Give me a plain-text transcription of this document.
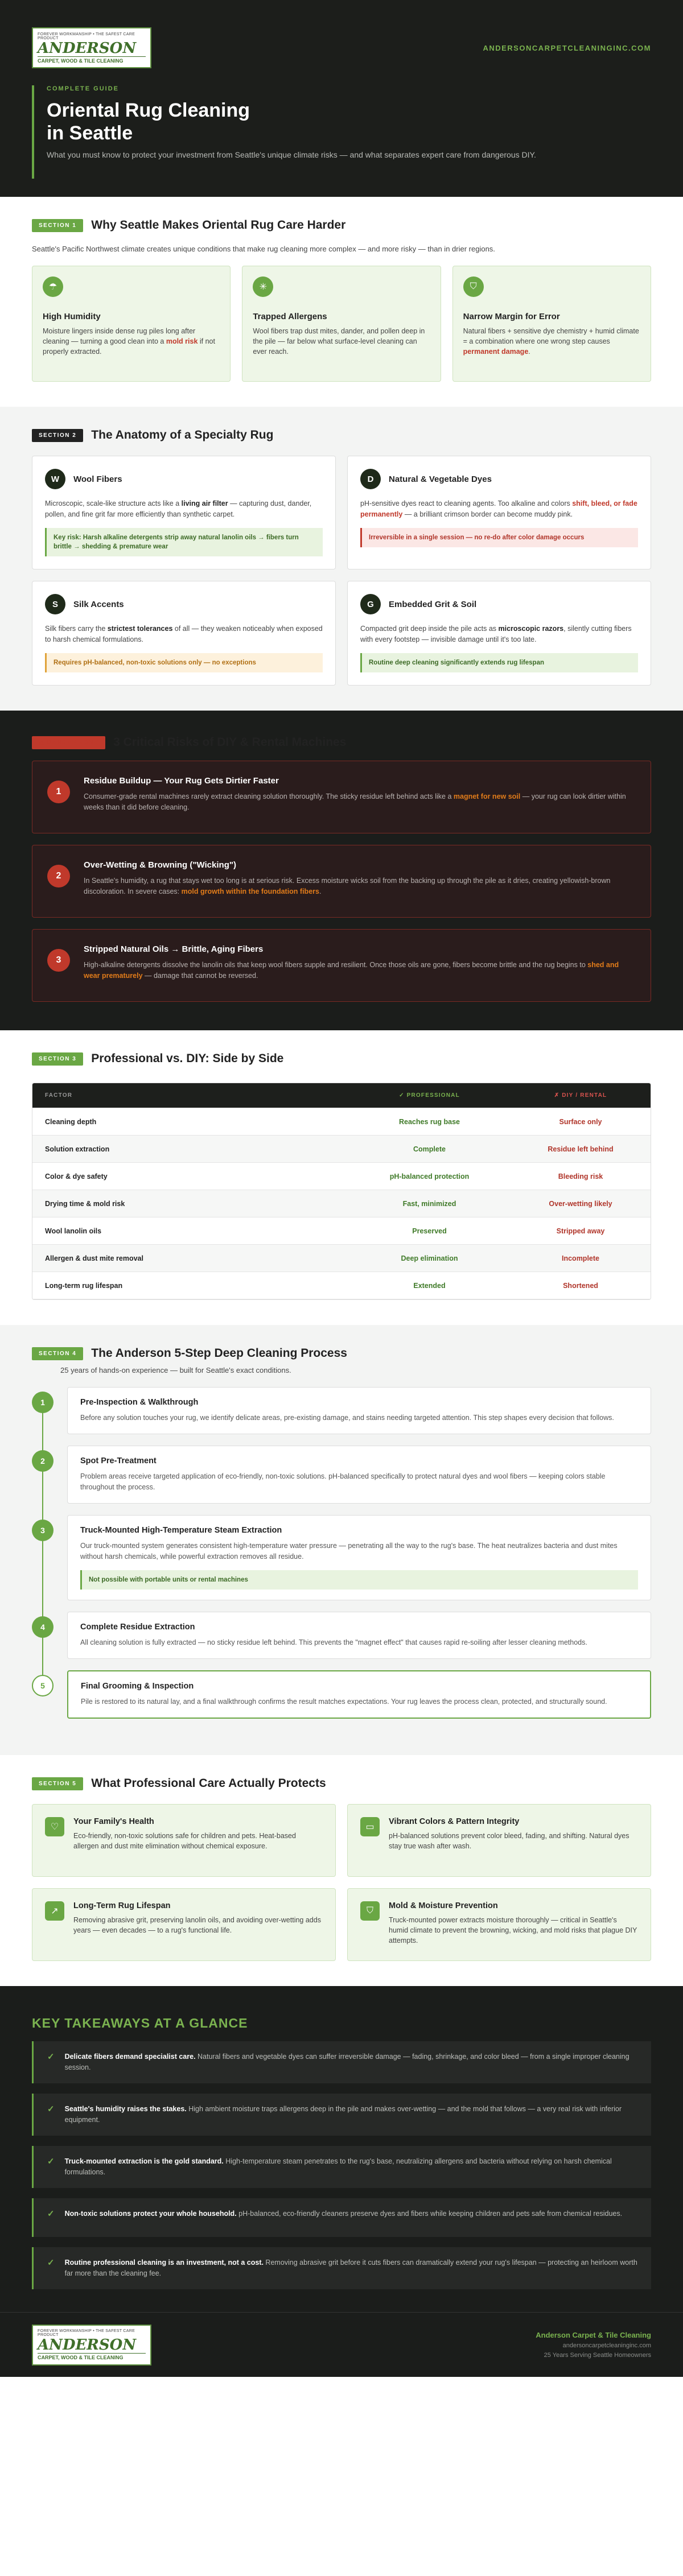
FOREVER WORKMANSHIP • THE SAFEST CARE PRODUCT
ANDERSON
CARPET, WOOD & TILE CLEANING
ANDERSONCARPETCLEANINGINC.COM
COMPLETE GUIDE
Oriental Rug Cleaning
in Seattle

What you must know to protect your investment from Seattle's unique climate risks — and what separates expert care from dangerous DIY.

SECTION 1	Why Seattle Makes Oriental Rug Care Harder

Seattle's Pacific Northwest climate creates unique conditions that make rug cleaning more complex — and more risky — than in drier regions.

☂
High Humidity

Moisture lingers inside dense rug piles long after cleaning — turning a good clean into a mold risk if not properly extracted.

✳
Trapped Allergens

Wool fibers trap dust mites, dander, and pollen deep in the pile — far below what surface-level cleaning can ever reach.

⛉
Narrow Margin for Error

Natural fibers + sensitive dye chemistry + humid climate = a combination where one wrong step causes permanent damage.

SECTION 2	The Anatomy of a Specialty Rug
W	Wool Fibers

Microscopic, scale-like structure acts like a living air filter — capturing dust, dander, pollen, and fine grit far more efficiently than synthetic carpet.

Key risk: Harsh alkaline detergents strip away natural lanolin oils → fibers turn brittle → shedding & premature wear
D	Natural & Vegetable Dyes

pH-sensitive dyes react to cleaning agents. Too alkaline and colors shift, bleed, or fade permanently — a brilliant crimson border can become muddy pink.

Irreversible in a single session — no re-do after color damage occurs
S	Silk Accents

Silk fibers carry the strictest tolerances of all — they weaken noticeably when exposed to harsh chemical formulations.

Requires pH-balanced, non-toxic solutions only — no exceptions
G	Embedded Grit & Soil

Compacted grit deep inside the pile acts as microscopic razors, silently cutting fibers with every footstep — invisible damage until it's too late.

Routine deep cleaning significantly extends rug lifespan
⚠ DANGER ZONE	3 Critical Risks of DIY & Rental Machines
1
Residue Buildup — Your Rug Gets Dirtier Faster

Consumer-grade rental machines rarely extract cleaning solution thoroughly. The sticky residue left behind acts like a magnet for new soil — your rug can look dirtier within weeks than it did before cleaning.

2
Over-Wetting & Browning ("Wicking")

In Seattle's humidity, a rug that stays wet too long is at serious risk. Excess moisture wicks soil from the backing up through the pile as it dries, creating yellowish-brown discoloration. In severe cases: mold growth within the foundation fibers.

3
Stripped Natural Oils → Brittle, Aging Fibers

High-alkaline detergents dissolve the lanolin oils that keep wool fibers supple and resilient. Once those oils are gone, fibers become brittle and the rug begins to shed and wear prematurely — damage that cannot be reversed.

SECTION 3	Professional vs. DIY: Side by Side
FACTOR	✓ PROFESSIONAL	✗ DIY / RENTAL
Cleaning depth	Reaches rug base	Surface only
Solution extraction	Complete	Residue left behind
Color & dye safety	pH-balanced protection	Bleeding risk
Drying time & mold risk	Fast, minimized	Over-wetting likely
Wool lanolin oils	Preserved	Stripped away
Allergen & dust mite removal	Deep elimination	Incomplete
Long-term rug lifespan	Extended	Shortened
SECTION 4	The Anderson 5-Step Deep Cleaning Process

25 years of hands-on experience — built for Seattle's exact conditions.

1	Pre-Inspection & Walkthrough

Before any solution touches your rug, we identify delicate areas, pre-existing damage, and stains needing targeted attention. This step shapes every decision that follows.

2	Spot Pre-Treatment

Problem areas receive targeted application of eco-friendly, non-toxic solutions. pH-balanced specifically to protect natural dyes and wool fibers — keeping colors stable throughout the process.

3	Truck-Mounted High-Temperature Steam Extraction

Our truck-mounted system generates consistent high-temperature water pressure — penetrating all the way to the rug's base. The heat neutralizes bacteria and dust mites without harsh chemicals, while powerful extraction removes all residue.

Not possible with portable units or rental machines
4	Complete Residue Extraction

All cleaning solution is fully extracted — no sticky residue left behind. This prevents the "magnet effect" that causes rapid re-soiling after lesser cleaning methods.

5	Final Grooming & Inspection

Pile is restored to its natural lay, and a final walkthrough confirms the result matches expectations. Your rug leaves the process clean, protected, and structurally sound.

SECTION 5	What Professional Care Actually Protects
♡
Your Family's Health

Eco-friendly, non-toxic solutions safe for children and pets. Heat-based allergen and dust mite elimination without chemical exposure.

▭
Vibrant Colors & Pattern Integrity

pH-balanced solutions prevent color bleed, fading, and shifting. Natural dyes stay true wash after wash.

↗
Long-Term Rug Lifespan

Removing abrasive grit, preserving lanolin oils, and avoiding over-wetting adds years — even decades — to a rug's functional life.

⛉	Mold & Moisture Prevention

Truck-mounted power extracts moisture thoroughly — critical in Seattle's humid climate to prevent the browning, wicking, and mold risks that plague DIY attempts.

KEY TAKEAWAYS AT A GLANCE
✓ Delicate fibers demand specialist care. Natural fibers and vegetable dyes can suffer irreversible damage — fading, shrinkage, and color bleed — from a single improper cleaning session.

✓ Seattle's humidity raises the stakes. High ambient moisture traps allergens deep in the pile and makes over-wetting — and the mold that follows — a very real risk with inferior equipment.

✓ Truck-mounted extraction is the gold standard. High-temperature steam penetrates to the rug's base, neutralizing allergens and bacteria without relying on harsh chemical formulations.

✓ Non-toxic solutions protect your whole household. pH-balanced, eco-friendly cleaners preserve dyes and fibers while keeping children and pets safe from chemical residues.

✓ Routine professional cleaning is an investment, not a cost. Removing abrasive grit before it cuts fibers can dramatically extend your rug's lifespan — protecting an heirloom worth far more than the cleaning fee.

FOREVER WORKMANSHIP • THE SAFEST CARE PRODUCT
ANDERSON
CARPET, WOOD & TILE CLEANING
Anderson Carpet & Tile Cleaning
andersoncarpetcleaninginc.com
25 Years Serving Seattle Homeowners
